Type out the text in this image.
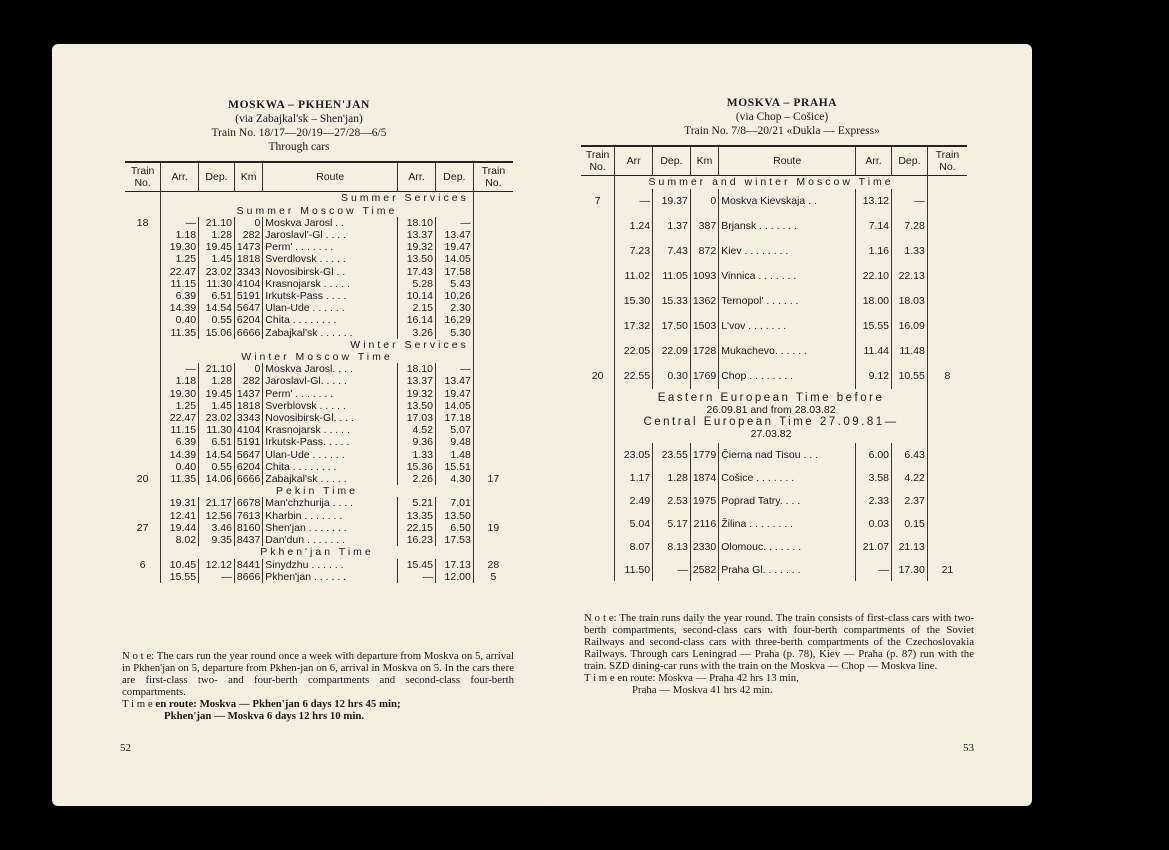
MOSKWA – PKHEN'JAN
(via Zabajkal'sk – Shen'jan)
Train No. 18/17—20/19—27/28—6/5
Through cars
Train No.	Arr.	Dep.	Km	Route	Arr.	Dep.	Train No.
	Summer Services						
	Summer Moscow Time						
18	—	21.10	0	Moskva Jarosl . .	18.10	—	
	1.18	1.28	282	Jaroslavl'-Gl . . . .	13.37	13.47	
	19.30	19.45	1473	Perm' . . . . . . .	19.32	19.47	
	1.25	1.45	1818	Sverdlovsk . . . . .	13.50	14.05	
	22.47	23.02	3343	Novosibirsk-Gl . .	17.43	17.58	
	11.15	11.30	4104	Krasnojarsk . . . . .	5.28	5.43	
	6.39	6.51	5191	Irkutsk-Pass . . . .	10.14	10.26	
	14.39	14.54	5647	Ulan-Ude . . . . . .	2.15	2.30	
	0.40	0.55	6204	Chita . . . . . . . .	16.14	16.29	
	11.35	15.06	6666	Zabajkal'sk . . . . . .	3.26	5.30	
	Winter Services						
	Winter Moscow Time						
	—	21.10	0	Moskva Jarosl. . . .	18.10	—	
	1.18	1.28	282	Jaroslavl-Gl. . . . .	13.37	13.47	
	19.30	19.45	1437	Perm' . . . . . . .	19.32	19.47	
	1.25	1.45	1818	Sverblovsk . . . . .	13.50	14.05	
	22.47	23.02	3343	Novosibirsk-Gl. . . .	17.03	17.18	
	11.15	11.30	4104	Krasnojarsk . . . . .	4.52	5.07	
	6.39	6.51	5191	Irkutsk-Pass. . . . .	9.36	9.48	
	14.39	14.54	5647	Ulan-Ude . . . . . .	1.33	1.48	
	0.40	0.55	6204	Chita . . . . . . . .	15.36	15.51	
20	11.35	14.06	6666	Zabajkal'sk . . . . .	2.26	4.30	17
	Pekin Time						
	19.31	21.17	6678	Man'chzhurija . . . .	5.21	7.01	
	12.41	12.56	7613	Kharbin . . . . . . .	13.35	13.50	
27	19.44	3.46	8160	Shen'jan . . . . . . .	22.15	6.50	19
	8.02	9.35	8437	Dan'dun . . . . . . .	16.23	17.53	
	Pkhen'jan Time						
6	10.45	12.12	8441	Sinydzhu . . . . . .	15.45	17.13	28
	15.55	—	8666	Pkhen'jan . . . . . .	—	12.00	5
N o t e: The cars run the year round once a week with departure from Moskva on 5, arrival in Pkhen'jan on 5, departure from Pkhen-jan on 6, arrival in Moskva on 5. In the cars there are first-class two- and four-berth compartments and second-class four-berth compartments.
T i m e en route: Moskva — Pkhen'jan 6 days 12 hrs 45 min;
Pkhen'jan — Moskva 6 days 12 hrs 10 min.
52
MOSKVA – PRAHA
(via Chop – Cošice)
Train No. 7/8—20/21 «Dukla — Express»
Train No.	Arr	Dep.	Km	Route	Arr.	Dep.	Train No.
	Summer and winter Moscow Time						
7	—	19.37	0	Moskva Kievskaja . .	13.12	—	
	1.24	1.37	387	Brjansk . . . . . . .	7.14	7.28	
	7.23	7.43	872	Kiev . . . . . . . .	1.16	1.33	
	11.02	11.05	1093	Vinnica . . . . . . .	22.10	22.13	
	15.30	15.33	1362	Ternopol' . . . . . .	18.00	18.03	
	17.32	17.50	1503	L'vov . . . . . . .	15.55	16.09	
	22.05	22.09	1728	Mukachevo. . . . . .	11.44	11.48	
20	22.55	0.30	1769	Chop . . . . . . . .	9.12	10.55	8

	Eastern European Time before
26.09.81 and from 28.03.82
Central European Time 27.09.81—
27.03.82						

	23.05	23.55	1779	Čierna nad Tisou . . .	6.00	6.43	
	1.17	1.28	1874	Cošice . . . . . . .	3.58	4.22	
	2.49	2.53	1975	Poprad Tatry. . . .	2.33	2.37	
	5.04	5.17	2116	Žilina . . . . . . . .	0.03	0.15	
	8.07	8.13	2330	Olomouc. . . . . . .	21.07	21.13	
	11.50	—	2582	Praha Gl. . . . . . .	—	17.30	21
N o t e: The train runs daily the year round. The train consists of first-class cars with two-berth compartments, second-class cars with four-berth compartments of the Soviet Railways and second-class cars with three-berth compartments of the Czechoslovakia Railways. Through cars Leningrad — Praha (p. 78), Kiev — Praha (p. 87) run with the train. SZD dining-car runs with the train on the Moskva — Chop — Moskva line.
T i m e en route: Moskva — Praha 42 hrs 13 min,
Praha — Moskva 41 hrs 42 min.
53
